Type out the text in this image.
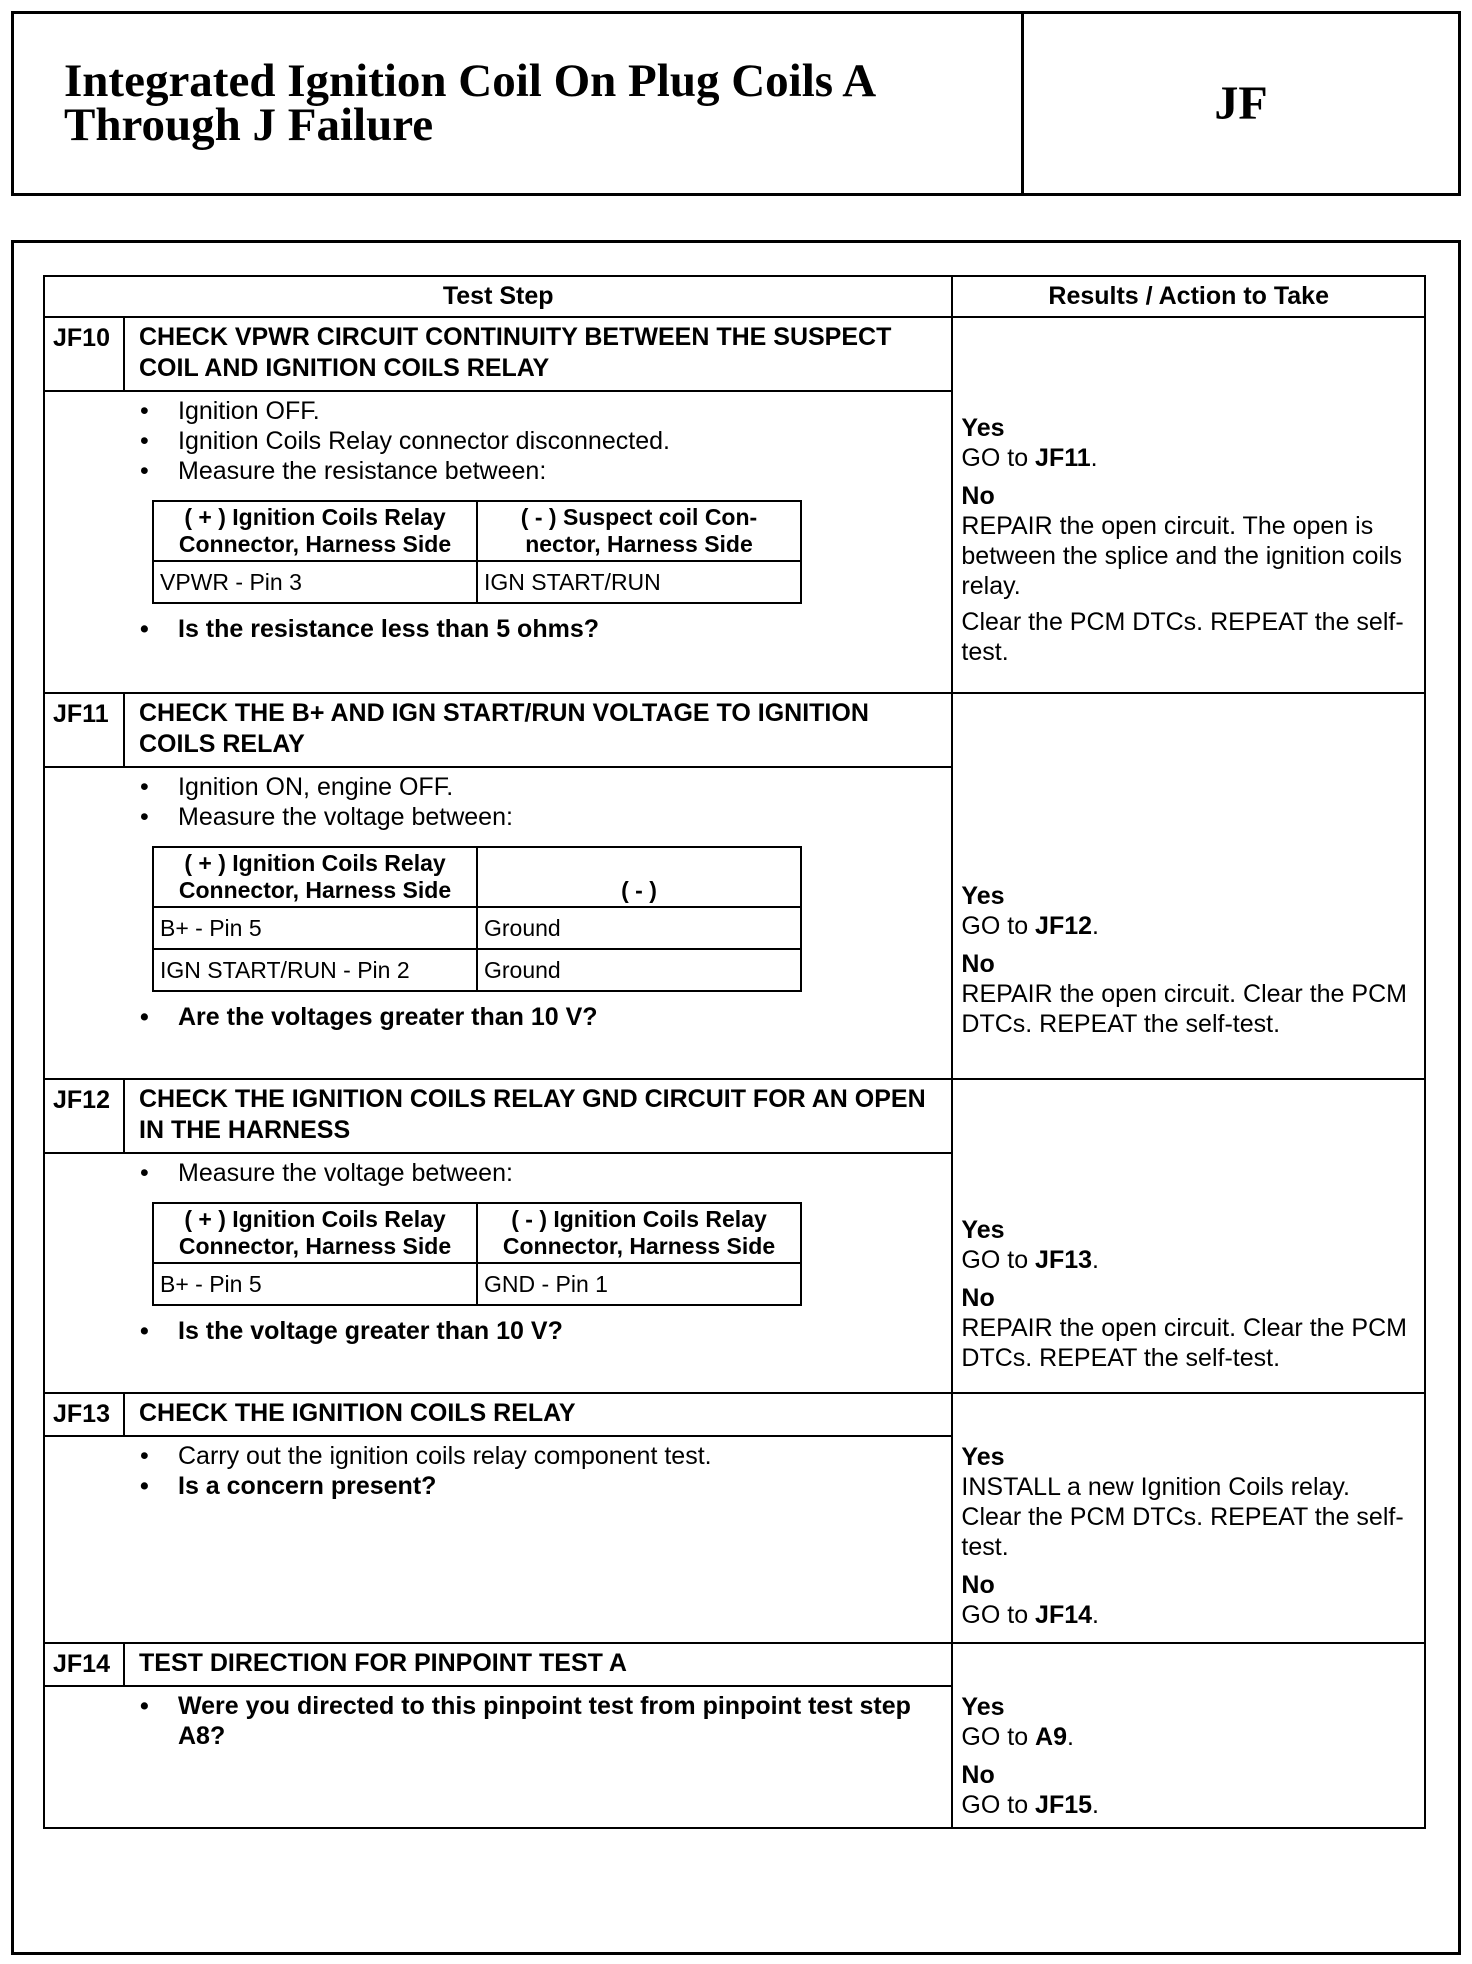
Integrated Ignition Coil On Plug Coils A
Through J Failure	JF
Test Step	Results / Action to Take

JF10	CHECK VPWR CIRCUIT CONTINUITY BETWEEN THE SUSPECT COIL AND IGNITION COILS RELAY
• Ignition OFF.
• Ignition Coils Relay connector disconnected.
• Measure the resistance between:
( + ) Ignition Coils Relay Connector, Harness Side	( - ) Suspect coil Con-nector, Harness Side
VPWR - Pin 3	IGN START/RUN
• Is the resistance less than 5 ohms?

Yes
GO to JF11.
No
REPAIR the open circuit. The open is between the splice and the ignition coils relay.
Clear the PCM DTCs. REPEAT the self-test.

JF11	CHECK THE B+ AND IGN START/RUN VOLTAGE TO IGNITION COILS RELAY
• Ignition ON, engine OFF.
• Measure the voltage between:
( + ) Ignition Coils Relay Connector, Harness Side	( - )
B+ - Pin 5	Ground
IGN START/RUN - Pin 2	Ground
• Are the voltages greater than 10 V?

Yes
GO to JF12.
No
REPAIR the open circuit. Clear the PCM DTCs. REPEAT the self-test.

JF12	CHECK THE IGNITION COILS RELAY GND CIRCUIT FOR AN OPEN IN THE HARNESS
• Measure the voltage between:
( + ) Ignition Coils Relay Connector, Harness Side	( - ) Ignition Coils Relay Connector, Harness Side
B+ - Pin 5	GND - Pin 1
• Is the voltage greater than 10 V?

Yes
GO to JF13.
No
REPAIR the open circuit. Clear the PCM DTCs. REPEAT the self-test.

JF13	CHECK THE IGNITION COILS RELAY
• Carry out the ignition coils relay component test.
• Is a concern present?

Yes
INSTALL a new Ignition Coils relay. Clear the PCM DTCs. REPEAT the self-test.
No
GO to JF14.

JF14	TEST DIRECTION FOR PINPOINT TEST A
• Were you directed to this pinpoint test from pinpoint test step A8?

Yes
GO to A9.
No
GO to JF15.
